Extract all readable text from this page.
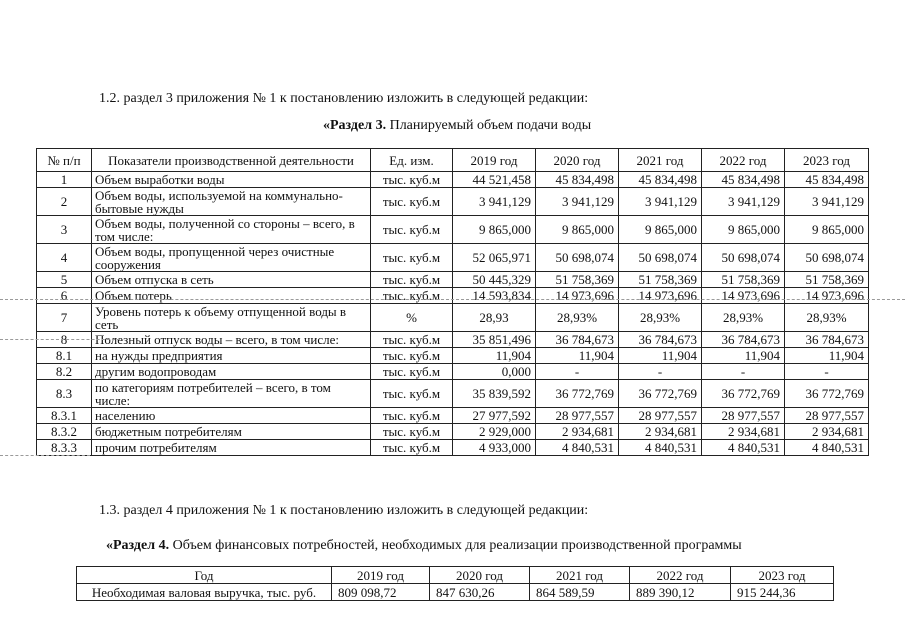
1.2. раздел 3 приложения № 1 к постановлению изложить в следующей редакции:
«Раздел 3. Планируемый объем подачи воды
№ п/п	Показатели производственной деятельности	Ед. изм.	2019 год	2020 год	2021 год	2022 год	2023 год
1	Объем выработки воды	тыс. куб.м	44 521,458	45 834,498	45 834,498	45 834,498	45 834,498
2	Объем воды, используемой на коммунально-бытовые нужды	тыс. куб.м	3 941,129	3 941,129	3 941,129	3 941,129	3 941,129
3	Объем воды, полученной со стороны – всего, в том числе:	тыс. куб.м	9 865,000	9 865,000	9 865,000	9 865,000	9 865,000
4	Объем воды, пропущенной через очистные сооружения	тыс. куб.м	52 065,971	50 698,074	50 698,074	50 698,074	50 698,074
5	Объем отпуска в сеть	тыс. куб.м	50 445,329	51 758,369	51 758,369	51 758,369	51 758,369
6	Объем потерь	тыс. куб.м	14 593,834	14 973,696	14 973,696	14 973,696	14 973,696
7	Уровень потерь к объему отпущенной воды в сеть	%	28,93	28,93%	28,93%	28,93%	28,93%
8	Полезный отпуск воды – всего, в том числе:	тыс. куб.м	35 851,496	36 784,673	36 784,673	36 784,673	36 784,673
8.1	на нужды предприятия	тыс. куб.м	11,904	11,904	11,904	11,904	11,904
8.2	другим водопроводам	тыс. куб.м	0,000	-	-	-	-
8.3	по категориям потребителей – всего, в том числе:	тыс. куб.м	35 839,592	36 772,769	36 772,769	36 772,769	36 772,769
8.3.1	населению	тыс. куб.м	27 977,592	28 977,557	28 977,557	28 977,557	28 977,557
8.3.2	бюджетным потребителям	тыс. куб.м	2 929,000	2 934,681	2 934,681	2 934,681	2 934,681
8.3.3	прочим потребителям	тыс. куб.м	4 933,000	4 840,531	4 840,531	4 840,531	4 840,531
1.3. раздел 4 приложения № 1 к постановлению изложить в следующей редакции:
«Раздел 4. Объем финансовых потребностей, необходимых для реализации производственной программы
Год	2019 год	2020 год	2021 год	2022 год	2023 год
Необходимая валовая выручка, тыс. руб.	809 098,72	847 630,26	864 589,59	889 390,12	915 244,36
